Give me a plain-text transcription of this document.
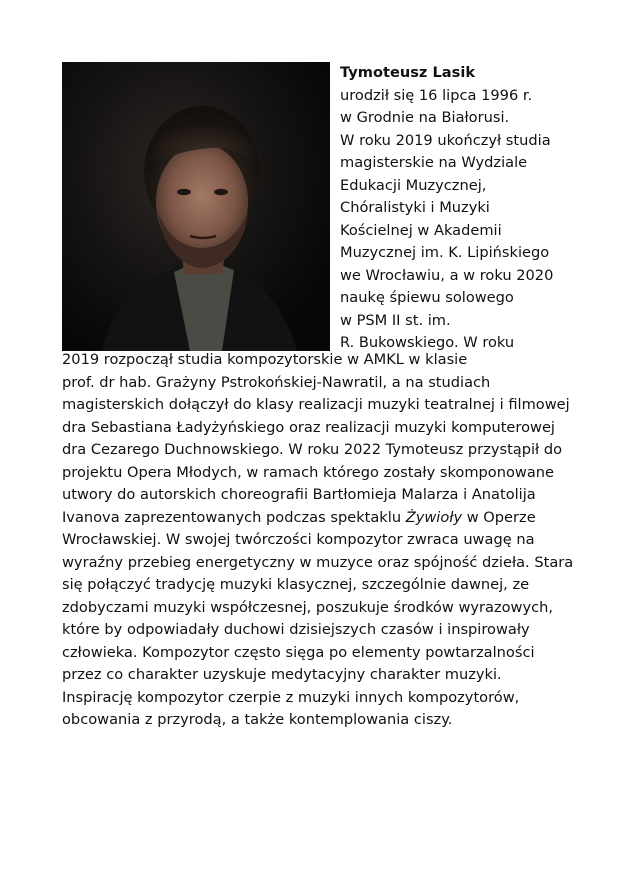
Tymoteusz Lasik
urodził się 16 lipca 1996 r.
w Grodnie na Białorusi.
W roku 2019 ukończył studia
magisterskie na Wydziale
Edukacji Muzycznej,
Chóralistyki i Muzyki
Kościelnej w Akademii
Muzycznej im. K. Lipińskiego
we Wrocławiu, a w roku 2020
naukę śpiewu solowego
w PSM II st. im.
R. Bukowskiego. W roku
2019 rozpoczął studia kompozytorskie w AMKL w klasie
prof. dr hab. Grażyny Pstrokońskiej-Nawratil, a na studiach
magisterskich dołączył do klasy realizacji muzyki teatralnej i filmowej
dra Sebastiana Ładyżyńskiego oraz realizacji muzyki komputerowej
dra Cezarego Duchnowskiego. W roku 2022 Tymoteusz przystąpił do
projektu Opera Młodych, w ramach którego zostały skomponowane
utwory do autorskich choreografii Bartłomieja Malarza i Anatolija
Ivanova zaprezentowanych podczas spektaklu Żywioły w Operze
Wrocławskiej. W swojej twórczości kompozytor zwraca uwagę na
wyraźny przebieg energetyczny w muzyce oraz spójność dzieła. Stara
się połączyć tradycję muzyki klasycznej, szczególnie dawnej, ze
zdobyczami muzyki współczesnej, poszukuje środków wyrazowych,
które by odpowiadały duchowi dzisiejszych czasów i inspirowały
człowieka. Kompozytor często sięga po elementy powtarzalności
przez co charakter uzyskuje medytacyjny charakter muzyki.
Inspirację kompozytor czerpie z muzyki innych kompozytorów,
obcowania z przyrodą, a także kontemplowania ciszy.
